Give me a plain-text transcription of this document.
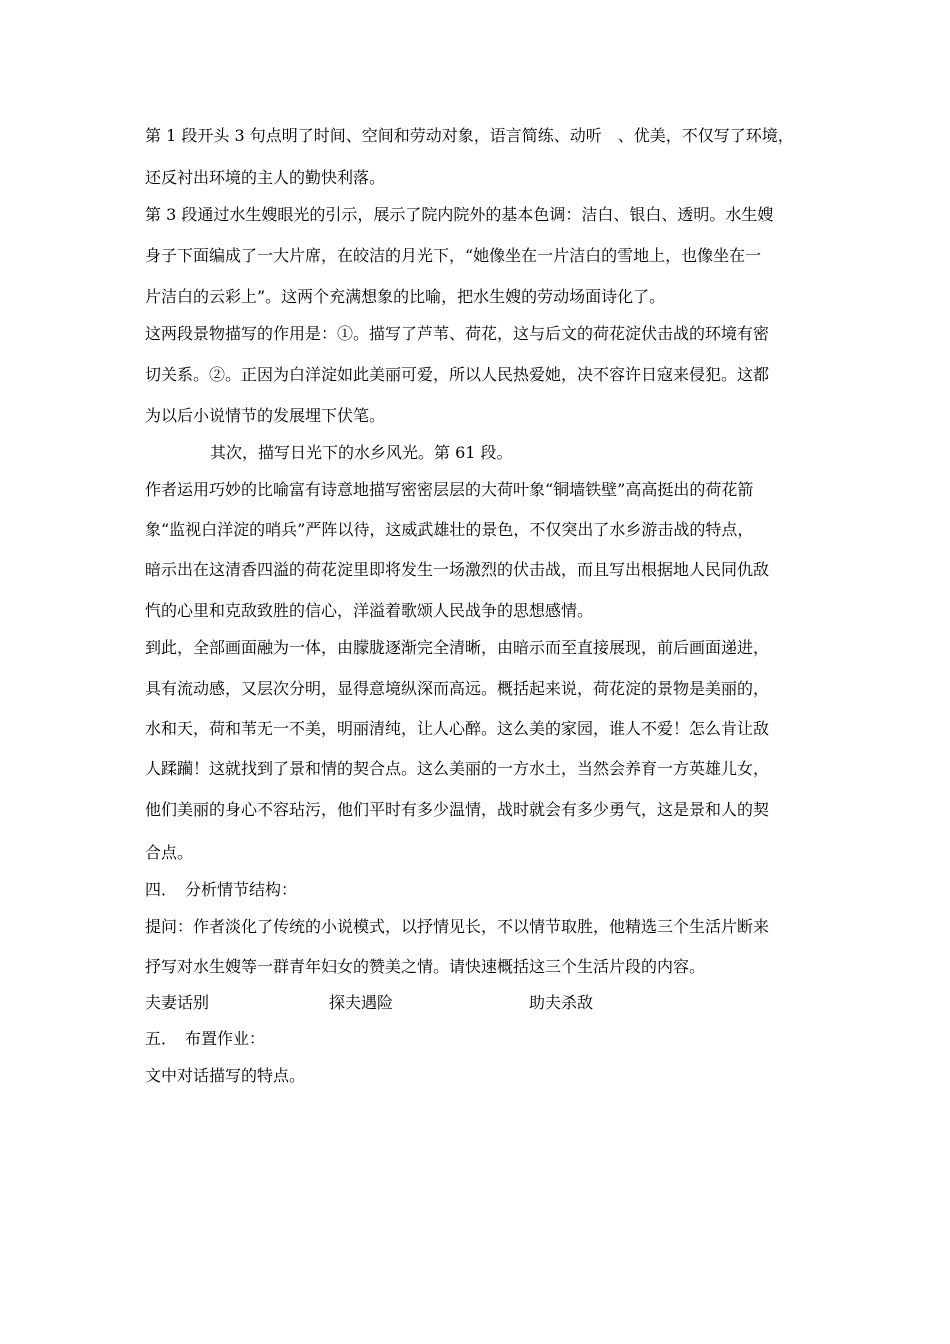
第 1 段开头 3 句点明了时间、空间和劳动对象，语言简练、动听　、优美，不仅写了环境，
还反衬出环境的主人的勤快利落。
第 3 段通过水生嫂眼光的引示，展示了院内院外的基本色调：洁白、银白、透明。水生嫂
身子下面编成了一大片席，在皎洁的月光下，“她像坐在一片洁白的雪地上，也像坐在一
片洁白的云彩上”。这两个充满想象的比喻，把水生嫂的劳动场面诗化了。
这两段景物描写的作用是：①。描写了芦苇、荷花，这与后文的荷花淀伏击战的环境有密
切关系。②。正因为白洋淀如此美丽可爱，所以人民热爱她，决不容许日寇来侵犯。这都
为以后小说情节的发展埋下伏笔。
其次，描写日光下的水乡风光。第 61 段。
作者运用巧妙的比喻富有诗意地描写密密层层的大荷叶象“铜墙铁壁”高高挺出的荷花箭
象“监视白洋淀的哨兵”严阵以待，这威武雄壮的景色，不仅突出了水乡游击战的特点，
暗示出在这清香四溢的荷花淀里即将发生一场激烈的伏击战，而且写出根据地人民同仇敌
忾的心里和克敌致胜的信心，洋溢着歌颂人民战争的思想感情。
到此，全部画面融为一体，由朦胧逐渐完全清晰，由暗示而至直接展现，前后画面递进，
具有流动感，又层次分明，显得意境纵深而高远。概括起来说，荷花淀的景物是美丽的，
水和天，荷和苇无一不美，明丽清纯，让人心醉。这么美的家园，谁人不爱！怎么肯让敌
人蹂躏！这就找到了景和情的契合点。这么美丽的一方水土，当然会养育一方英雄儿女，
他们美丽的身心不容玷污，他们平时有多少温情，战时就会有多少勇气，这是景和人的契
合点。
四．　分析情节结构：
提问：作者淡化了传统的小说模式，以抒情见长，不以情节取胜，他精选三个生活片断来
抒写对水生嫂等一群青年妇女的赞美之情。请快速概括这三个生活片段的内容。
夫妻话别	探夫遇险	助夫杀敌
五．　布置作业：
文中对话描写的特点。
